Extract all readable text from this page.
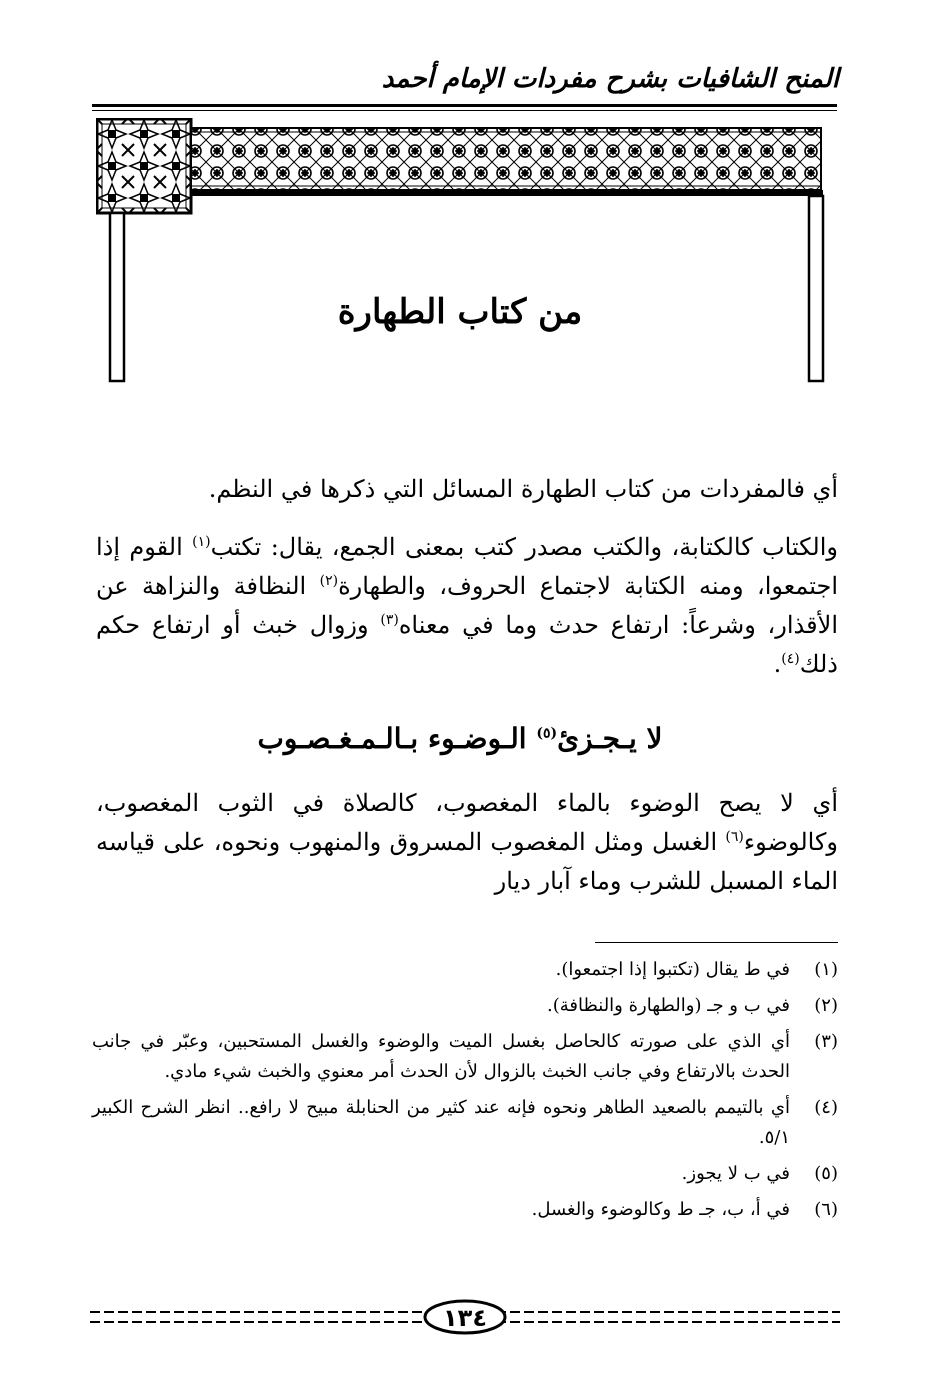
المنح الشافيات بشرح مفردات الإمام أحمد
من كتاب الطهارة
أي فالمفردات من كتاب الطهارة المسائل التي ذكرها في النظم.
والكتاب كالكتابة، والكتب مصدر كتب بمعنى الجمع، يقال: تكتب$^{(١)}$ القوم إذا اجتمعوا، ومنه الكتابة لاجتماع الحروف، والطهارة$^{(٢)}$ النظافة والنزاهة عن الأقذار، وشرعاً: ارتفاع حدث وما في معناه$^{(٣)}$ وزوال خبث أو ارتفاع حكم ذلك$^{(٤)}$.
لا يـجـزئ$^{(٥)}$ الـوضـوء بـالـمـغـصـوب
أي لا يصح الوضوء بالماء المغصوب، كالصلاة في الثوب المغصوب، وكالوضوء$^{(٦)}$ الغسل ومثل المغصوب المسروق والمنهوب ونحوه، على قياسه الماء المسبل للشرب وماء آبار ديار
(١)
في ط يقال (تكتبوا إذا اجتمعوا).
(٢)
في ب و جـ (والطهارة والنظافة).
(٣)
أي الذي على صورته كالحاصل بغسل الميت والوضوء والغسل المستحبين، وعبّر في جانب الحدث بالارتفاع وفي جانب الخبث بالزوال لأن الحدث أمر معنوي والخبث شيء مادي.
(٤)
أي بالتيمم بالصعيد الطاهر ونحوه فإنه عند كثير من الحنابلة مبيح لا رافع.. انظر الشرح الكبير ٥/١.
(٥)
في ب لا يجوز.
(٦)
في أ، ب، جـ ط وكالوضوء والغسل.
١٣٤
